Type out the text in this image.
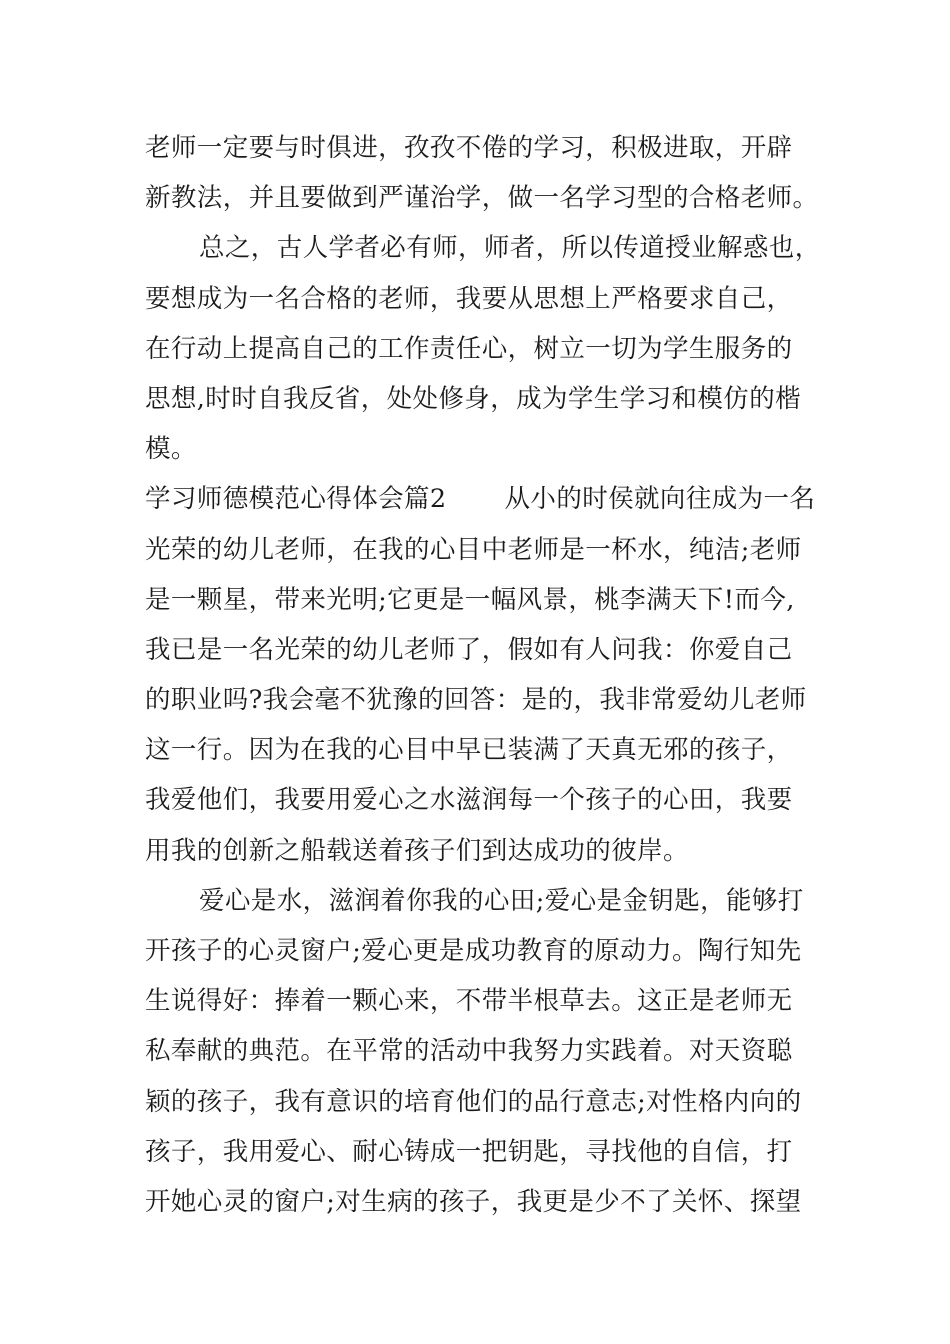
老师一定要与时俱进，孜孜不倦的学习，积极进取，开辟
新教法，并且要做到严谨治学，做一名学习型的合格老师。
总之，古人学者必有师，师者，所以传道授业解惑也，
要想成为一名合格的老师，我要从思想上严格要求自己，
在行动上提高自己的工作责任心，树立一切为学生服务的
思想,时时自我反省，处处修身，成为学生学习和模仿的楷
模。
学习师德模范心得体会篇2 从小的时侯就向往成为一名
光荣的幼儿老师，在我的心目中老师是一杯水，纯洁;老师
是一颗星，带来光明;它更是一幅风景，桃李满天下!而今,
我已是一名光荣的幼儿老师了，假如有人问我：你爱自己
的职业吗?我会毫不犹豫的回答：是的，我非常爱幼儿老师
这一行。因为在我的心目中早已装满了天真无邪的孩子，
我爱他们，我要用爱心之水滋润每一个孩子的心田，我要
用我的创新之船载送着孩子们到达成功的彼岸。
爱心是水，滋润着你我的心田;爱心是金钥匙，能够打
开孩子的心灵窗户;爱心更是成功教育的原动力。陶行知先
生说得好：捧着一颗心来，不带半根草去。这正是老师无
私奉献的典范。在平常的活动中我努力实践着。对天资聪
颖的孩子，我有意识的培育他们的品行意志;对性格内向的
孩子，我用爱心、耐心铸成一把钥匙，寻找他的自信，打
开她心灵的窗户;对生病的孩子，我更是少不了关怀、探望
